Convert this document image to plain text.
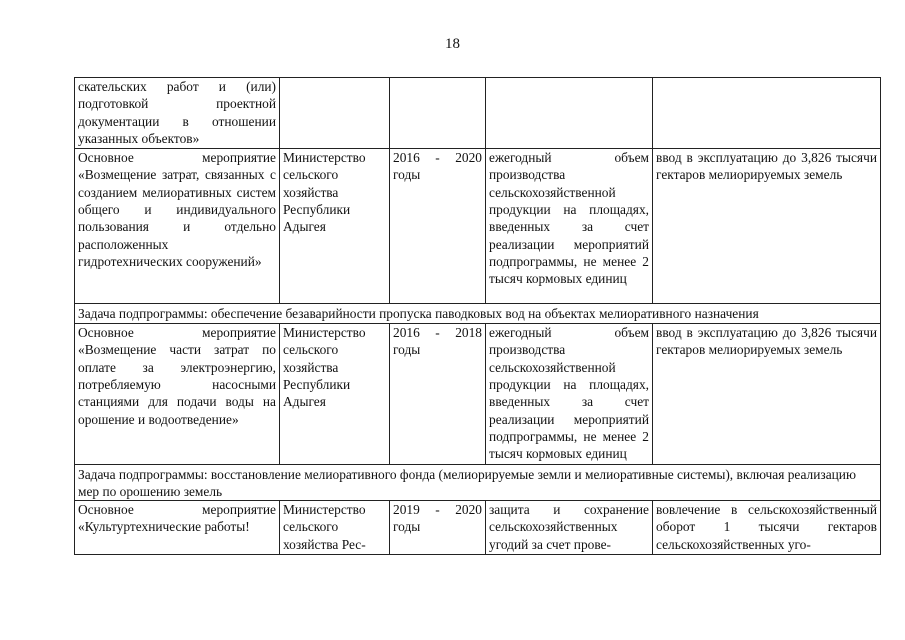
18
скательских работ и (или) подготовкой проектной документации в отношении указанных объектов»				
Основное мероприятие «Возмещение затрат, связанных с созданием мелиоративных систем общего и индивидуального пользования и отдельно расположенных гидротехнических сооружений»	Министерство сельского хозяйства Республики Адыгея	2016 - 2020 годы	ежегодный объем производства сельскохозяйственной продукции на площадях, введенных за счет реализации мероприятий подпрограммы, не менее 2 тысяч кормовых единиц	ввод в эксплуатацию до 3,826 тысячи гектаров мелиорируемых земель
Задача подпрограммы: обеспечение безаварийности пропуска паводковых вод на объектах мелиоративного назначения				
Основное мероприятие «Возмещение части затрат по оплате за электроэнергию, потребляемую насосными станциями для подачи воды на орошение и водоотведение»	Министерство сельского хозяйства Республики Адыгея	2016 - 2018 годы	ежегодный объем производства сельскохозяйственной продукции на площадях, введенных за счет реализации мероприятий подпрограммы, не менее 2 тысяч кормовых единиц	ввод в эксплуатацию до 3,826 тысячи гектаров мелиорируемых земель
Задача подпрограммы: восстановление мелиоративного фонда (мелиорируемые земли и мелиоративные системы), включая реализацию мер по орошению земель				
Основное мероприятие «Культуртехнические работы!	Министерство сельского хозяйства Рес-	2019 - 2020 годы	защита и сохранение сельскохозяйственных угодий за счет прове-	вовлечение в сельскохозяйственный оборот 1 тысячи гектаров сельскохозяйственных уго-
